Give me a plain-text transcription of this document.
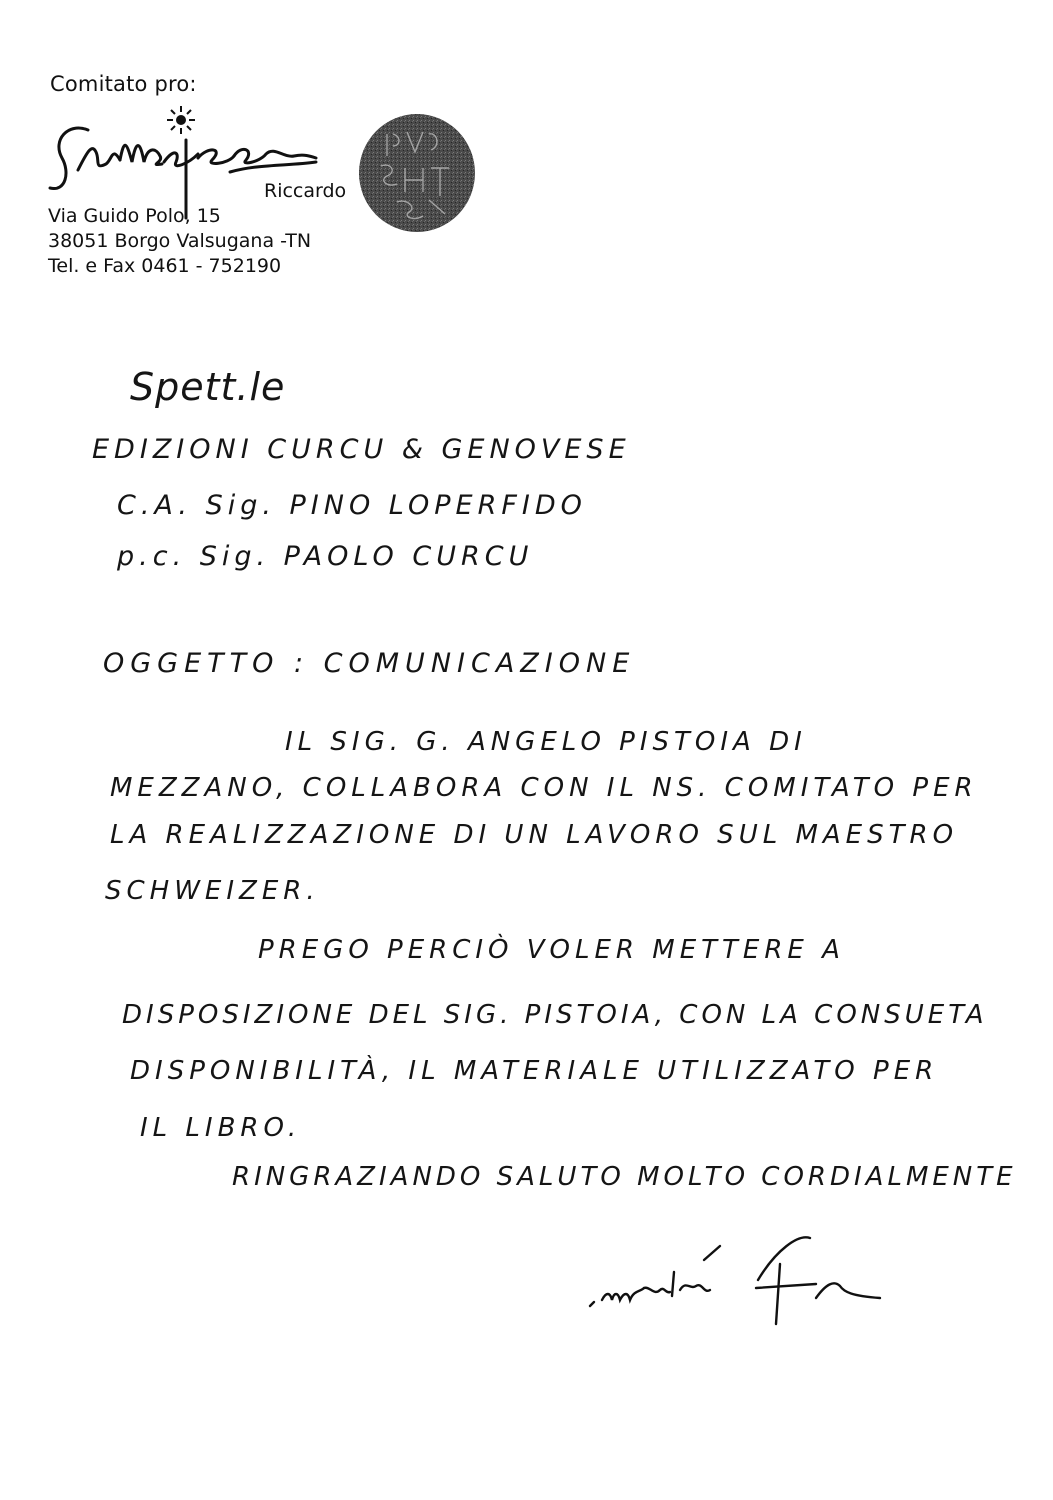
Comitato pro:
Schweizer
Riccardo
Via Guido Polo, 15
38051 Borgo Valsugana -TN
Tel. e Fax 0461 - 752190
Spett.le
EDIZIONI CURCU & GENOVESE
C.A. Sig. PINO LOPERFIDO
p.c. Sig. PAOLO CURCU
OGGETTO : COMUNICAZIONE
IL SIG. G. ANGELO PISTOIA DI
MEZZANO, COLLABORA CON IL NS. COMITATO PER
LA REALIZZAZIONE DI UN LAVORO SUL MAESTRO
SCHWEIZER.
PREGO PERCIÒ VOLER METTERE A
DISPOSIZIONE DEL SIG. PISTOIA, CON LA CONSUETA
DISPONIBILITÀ, IL MATERIALE UTILIZZATO PER
IL LIBRO.
RINGRAZIANDO SALUTO MOLTO CORDIALMENTE
Schweizer Riccardo
